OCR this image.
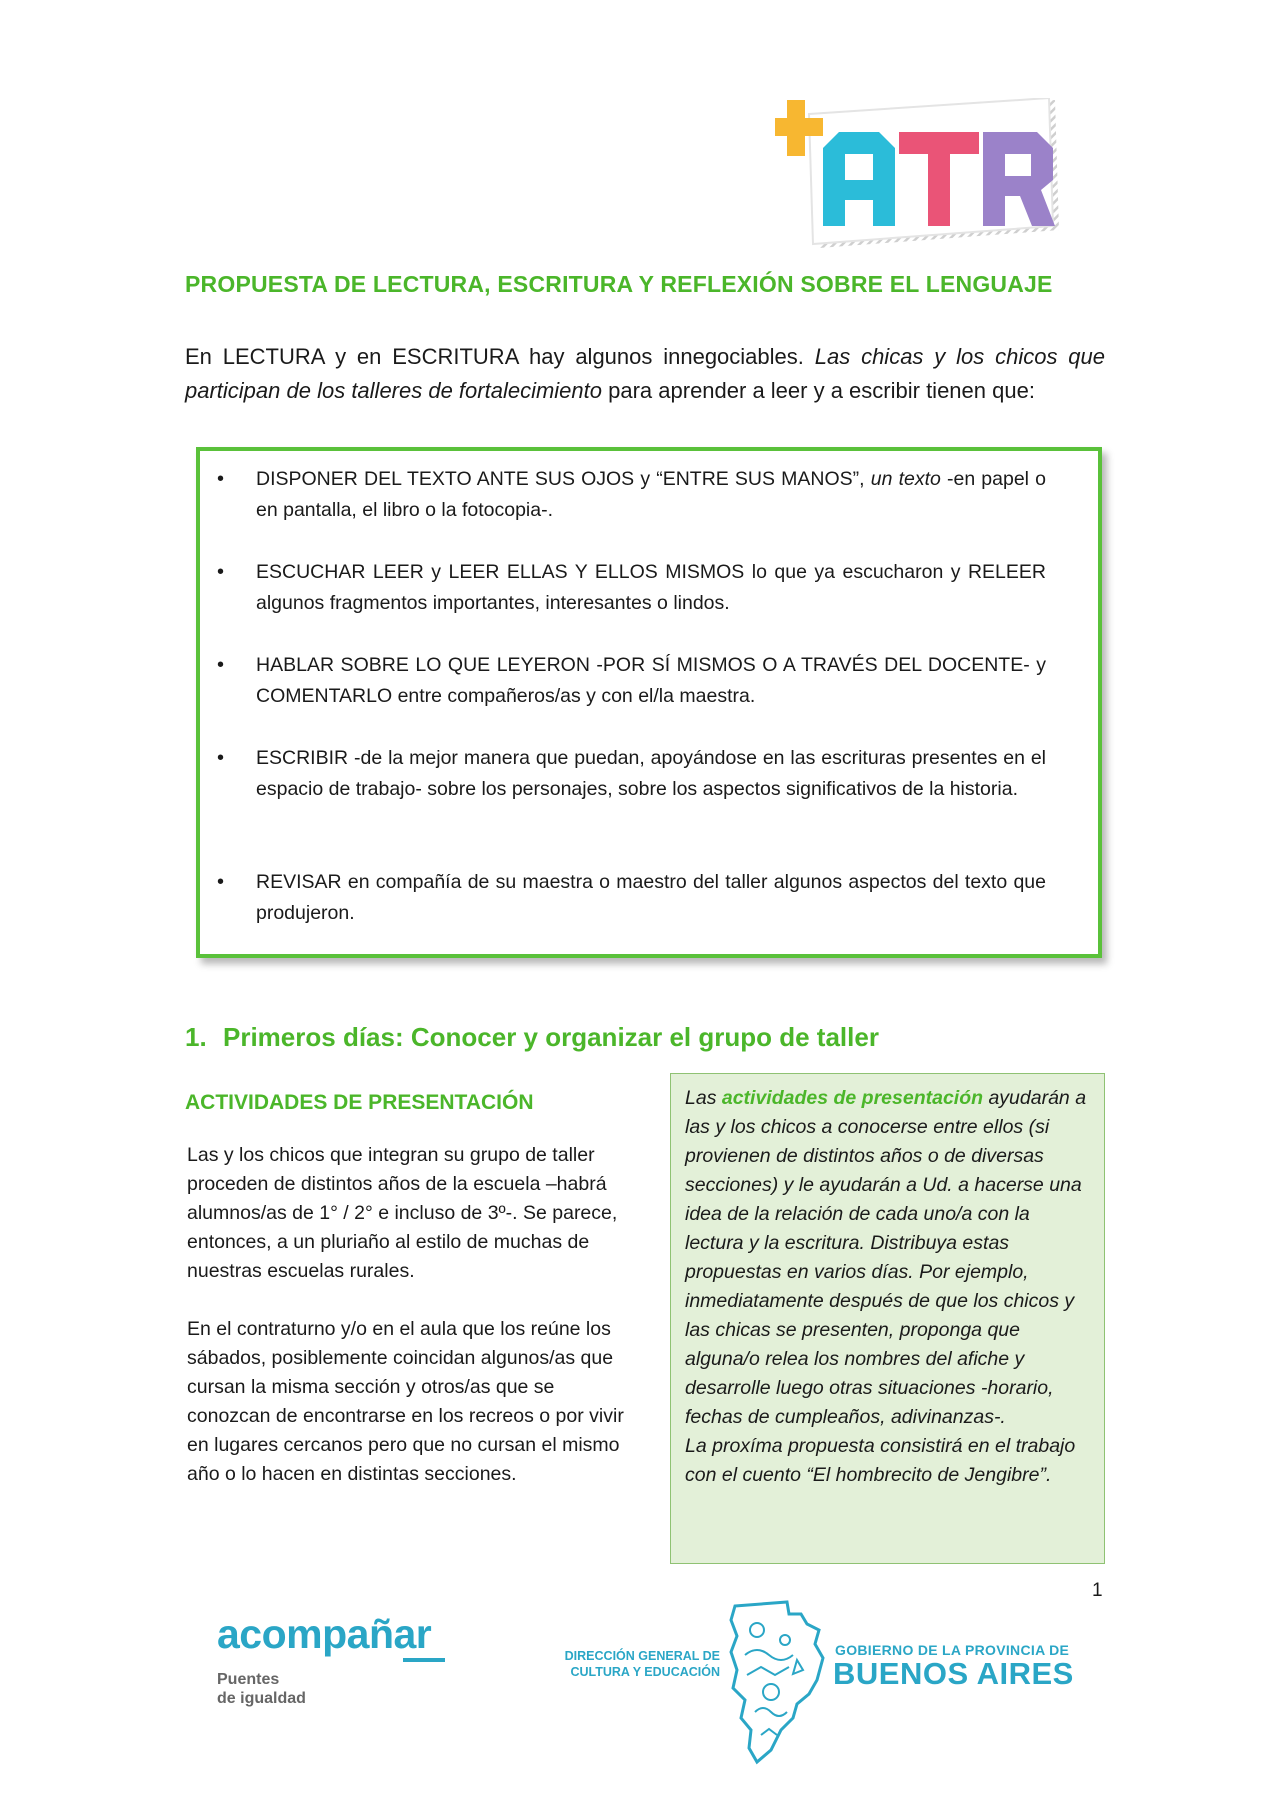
PROPUESTA DE LECTURA, ESCRITURA Y REFLEXIÓN SOBRE EL LENGUAJE
En LECTURA y en ESCRITURA hay algunos innegociables. Las chicas y los chicos que participan de los talleres de fortalecimiento para aprender a leer y a escribir tienen que:
• DISPONER DEL TEXTO ANTE SUS OJOS y “ENTRE SUS MANOS”, un texto -en papel o en pantalla, el libro o la fotocopia-.
• ESCUCHAR LEER y LEER ELLAS Y ELLOS MISMOS lo que ya escucharon y RELEER algunos fragmentos importantes, interesantes o lindos.
• HABLAR SOBRE LO QUE LEYERON -POR SÍ MISMOS O A TRAVÉS DEL DOCENTE- y COMENTARLO entre compañeros/as y con el/la maestra.
• ESCRIBIR -de la mejor manera que puedan, apoyándose en las escrituras presentes en el espacio de trabajo- sobre los personajes, sobre los aspectos significativos de la historia.
• REVISAR en compañía de su maestra o maestro del taller algunos aspectos del texto que produjeron.
1. Primeros días: Conocer y organizar el grupo de taller
ACTIVIDADES DE PRESENTACIÓN
Las y los chicos que integran su grupo de taller proceden de distintos años de la escuela –habrá alumnos/as de 1° / 2° e incluso de 3º-. Se parece, entonces, a un pluriaño al estilo de muchas de nuestras escuelas rurales.
En el contraturno y/o en el aula que los reúne los sábados, posiblemente coincidan algunos/as que cursan la misma sección y otros/as que se conozcan de encontrarse en los recreos o por vivir en lugares cercanos pero que no cursan el mismo año o lo hacen en distintas secciones.
Las actividades de presentación ayudarán a las y los chicos a conocerse entre ellos (si provienen de distintos años o de diversas secciones) y le ayudarán a Ud. a hacerse una idea de la relación de cada uno/a con la lectura y la escritura. Distribuya estas propuestas en varios días. Por ejemplo, inmediatamente después de que los chicos y las chicas se presenten, proponga que alguna/o relea los nombres del afiche y desarrolle luego otras situaciones -horario, fechas de cumpleaños, adivinanzas-.
La proxíma propuesta consistirá en el trabajo con el cuento “El hombrecito de Jengibre”.
1
acompañar
Puentes
de igualdad
DIRECCIÓN GENERAL DE
CULTURA Y EDUCACIÓN
GOBIERNO DE LA PROVINCIA DE
BUENOS AIRES
